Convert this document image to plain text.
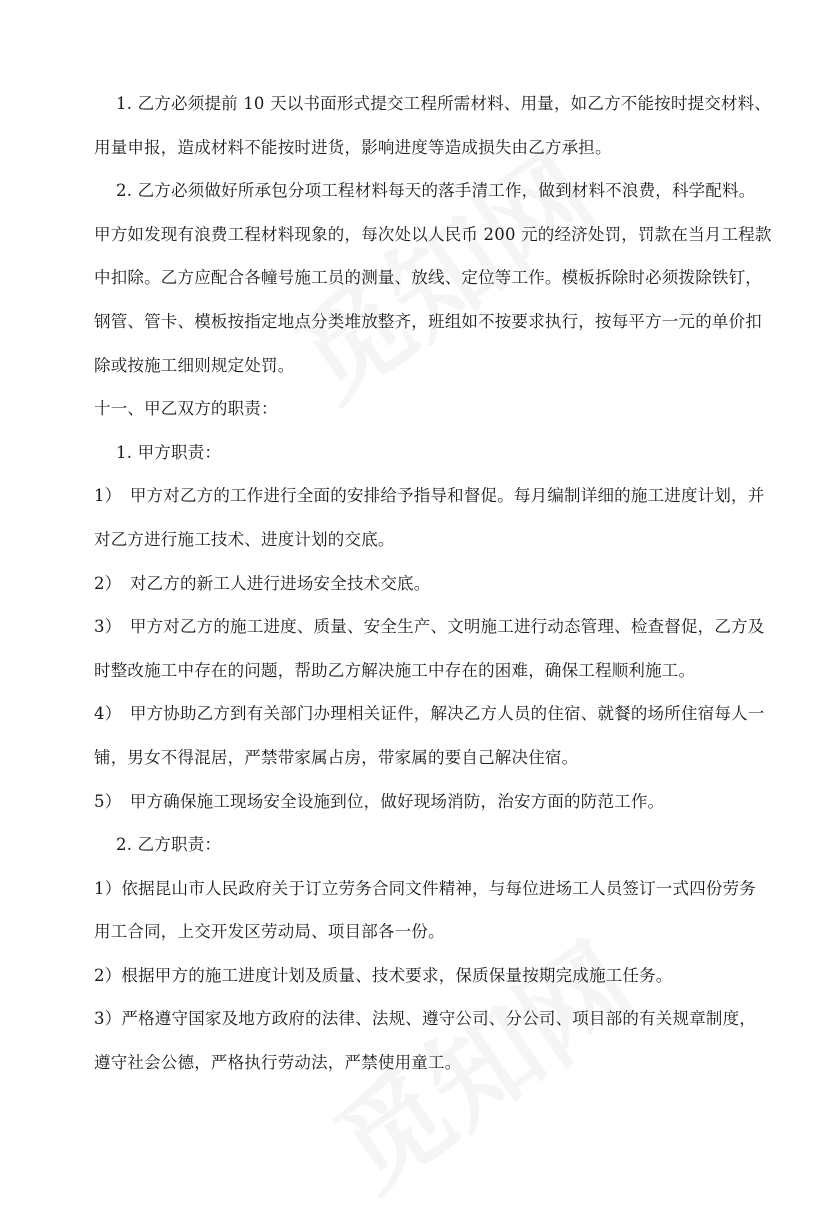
1. 乙方必须提前 10 天以书面形式提交工程所需材料、用量，如乙方不能按时提交材料、
用量申报，造成材料不能按时进货，影响进度等造成损失由乙方承担。
2. 乙方必须做好所承包分项工程材料每天的落手清工作，做到材料不浪费，科学配料。
甲方如发现有浪费工程材料现象的，每次处以人民币 200 元的经济处罚，罚款在当月工程款
中扣除。乙方应配合各幢号施工员的测量、放线、定位等工作。模板拆除时必须拨除铁钉，
钢管、管卡、模板按指定地点分类堆放整齐，班组如不按要求执行，按每平方一元的单价扣
除或按施工细则规定处罚。
十一、甲乙双方的职责：
1. 甲方职责：
1）　甲方对乙方的工作进行全面的安排给予指导和督促。每月编制详细的施工进度计划，并
对乙方进行施工技术、进度计划的交底。
2）　对乙方的新工人进行进场安全技术交底。
3）　甲方对乙方的施工进度、质量、安全生产、文明施工进行动态管理、检查督促，乙方及
时整改施工中存在的问题，帮助乙方解决施工中存在的困难，确保工程顺利施工。
4）　甲方协助乙方到有关部门办理相关证件，解决乙方人员的住宿、就餐的场所住宿每人一
铺，男女不得混居，严禁带家属占房，带家属的要自己解决住宿。
5）　甲方确保施工现场安全设施到位，做好现场消防，治安方面的防范工作。
2. 乙方职责：
1）依据昆山市人民政府关于订立劳务合同文件精神，与每位进场工人员签订一式四份劳务
用工合同，上交开发区劳动局、项目部各一份。
2）根据甲方的施工进度计划及质量、技术要求，保质保量按期完成施工任务。
3）严格遵守国家及地方政府的法律、法规、遵守公司、分公司、项目部的有关规章制度，
遵守社会公德，严格执行劳动法，严禁使用童工。
